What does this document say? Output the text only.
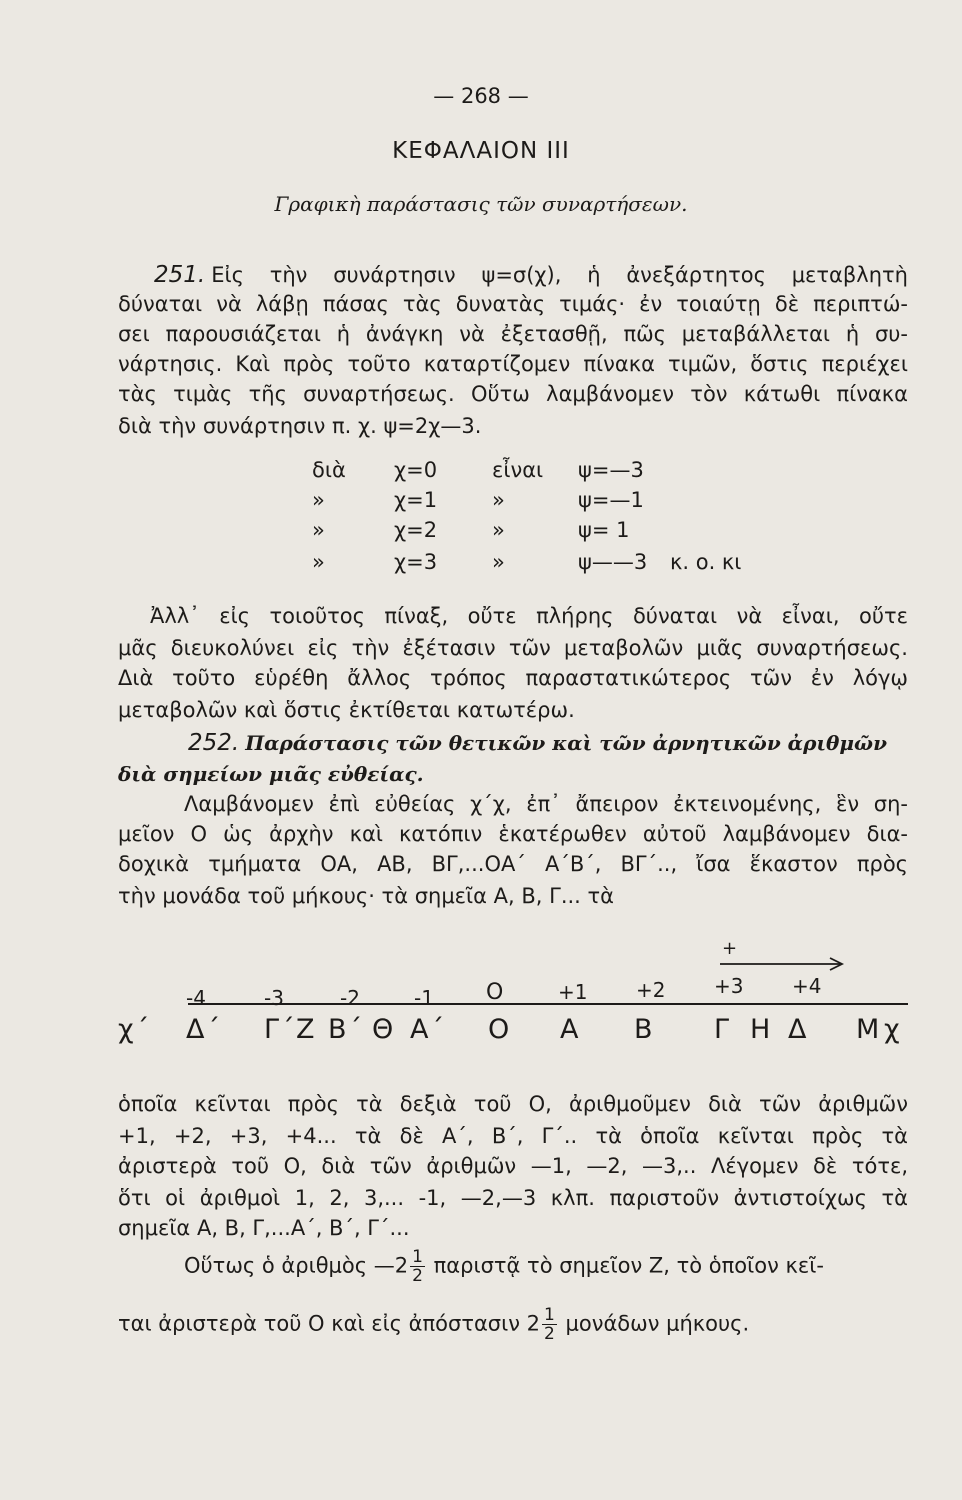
— 268 —
ΚΕΦΑΛΑΙΟΝ III
Γραφικὴ παράστασις τῶν συναρτήσεων.
251. Εἰς τὴν συνάρτησιν ψ=σ(χ), ἡ ἀνεξάρτητος μεταβλητὴ
δύναται νὰ λάβῃ πάσας τὰς δυνατὰς τιμάς· ἐν τοιαύτῃ δὲ περιπτώ-
σει παρουσιάζεται ἡ ἀνάγκη νὰ ἐξετασθῇ, πῶς μεταβάλλεται ἡ συ-
νάρτησις. Καὶ πρὸς τοῦτο καταρτίζομεν πίνακα τιμῶν, ὅστις περιέχει
τὰς τιμὰς τῆς συναρτήσεως. Οὕτω λαμβάνομεν τὸν κάτωθι πίνακα
διὰ τὴν συνάρτησιν π. χ. ψ=2χ—3.
διὰ χ=0	εἶναι ψ=—3
»	χ=1	»	ψ=—1
»	χ=2	»	ψ= 1
»	χ=3	»	ψ——3 κ. ο. κι
Ἀλλ᾽ εἰς τοιοῦτος πίναξ, οὔτε πλήρης δύναται νὰ εἶναι, οὔτε
μᾶς διευκολύνει εἰς τὴν ἐξέτασιν τῶν μεταβολῶν μιᾶς συναρτήσεως.
Διὰ τοῦτο εὑρέθη ἄλλος τρόπος παραστατικώτερος τῶν ἐν λόγῳ
μεταβολῶν καὶ ὅστις ἐκτίθεται κατωτέρω.
252. Παράστασις τῶν θετικῶν καὶ τῶν ἀρνητικῶν ἀριθμῶν
διὰ σημείων μιᾶς εὐθείας.
Λαμβάνομεν ἐπὶ εὐθείας χ΄χ, ἐπ᾽ ἄπειρον ἐκτεινομένης, ἓν ση-
μεῖον Ο ὡς ἀρχὴν καὶ κατόπιν ἑκατέρωθεν αὐτοῦ λαμβάνομεν δια-
δοχικὰ τμήματα ΟΑ, ΑΒ, ΒΓ,...ΟΑ΄ Α΄Β΄, ΒΓ΄.., ἴσα ἕκαστον πρὸς
τὴν μονάδα τοῦ μήκους· τὰ σημεῖα Α, Β, Γ... τὰ
+
-4	-3	-2	-1 O	+1 +2 +3 +4
χ΄ Δ΄ Γ΄ Ζ Β΄ Θ Α΄ Ο Α Β Γ Η Δ Μ χ
ὁποῖα κεῖνται πρὸς τὰ δεξιὰ τοῦ Ο, ἀριθμοῦμεν διὰ τῶν ἀριθμῶν
+1, +2, +3, +4... τὰ δὲ Α΄, Β΄, Γ΄.. τὰ ὁποῖα κεῖνται πρὸς τὰ
ἀριστερὰ τοῦ Ο, διὰ τῶν ἀριθμῶν —1, —2, —3,.. Λέγομεν δὲ τότε,
ὅτι οἱ ἀριθμοὶ 1, 2, 3,... -1, —2,—3 κλπ. παριστοῦν ἀντιστοίχως τὰ
σημεῖα Α, Β, Γ,...Α΄, Β΄, Γ΄...
Οὕτως ὁ ἀριθμὸς —2 $\frac{1}{2}$ παριστᾷ τὸ σημεῖον Ζ, τὸ ὁποῖον κεῖ-
ται ἀριστερὰ τοῦ Ο καὶ εἰς ἀπόστασιν $2 \frac{1}{2}$ μονάδων μήκους.
